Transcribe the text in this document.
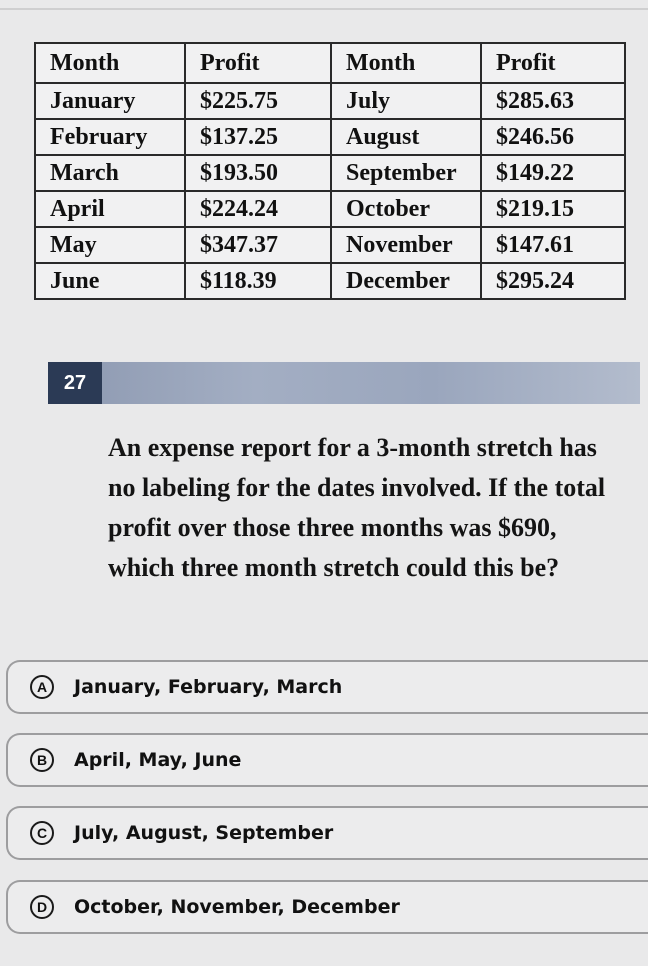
Month	Profit	Month	Profit
January	$225.75	July	$285.63
February	$137.25	August	$246.56
March	$193.50	September	$149.22
April	$224.24	October	$219.15
May	$347.37	November	$147.61
June	$118.39	December	$295.24
27
An expense report for a 3-month stretch has no labeling for the dates involved. If the total profit over those three months was $690, which three month stretch could this be?
A	January, February, March
B	April, May, June
C	July, August, September
D	October, November, December
